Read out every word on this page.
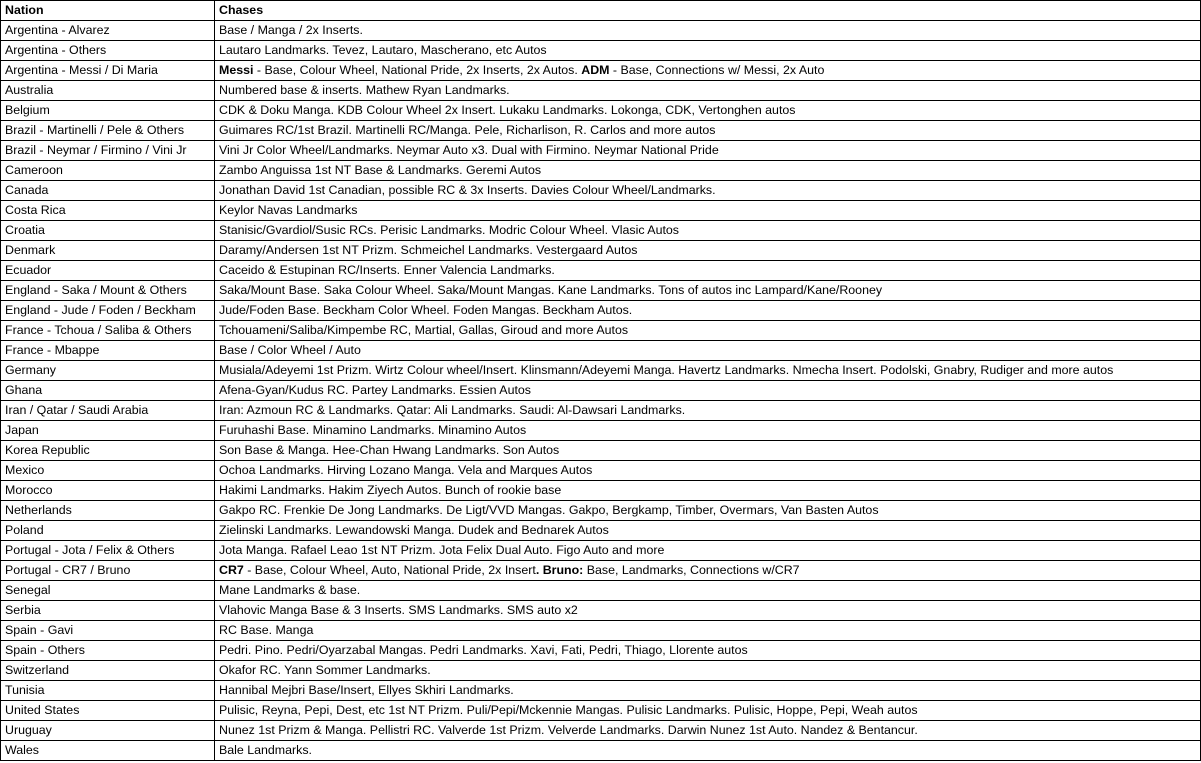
Nation	Chases
Argentina - Alvarez	Base / Manga / 2x Inserts.
Argentina - Others	Lautaro Landmarks. Tevez, Lautaro, Mascherano, etc Autos
Argentina - Messi / Di Maria	Messi - Base, Colour Wheel, National Pride, 2x Inserts, 2x Autos. ADM - Base, Connections w/ Messi, 2x Auto
Australia	Numbered base & inserts. Mathew Ryan Landmarks.
Belgium	CDK & Doku Manga. KDB Colour Wheel 2x Insert. Lukaku Landmarks. Lokonga, CDK, Vertonghen autos
Brazil - Martinelli / Pele & Others	Guimares RC/1st Brazil. Martinelli RC/Manga. Pele, Richarlison, R. Carlos and more autos
Brazil - Neymar / Firmino / Vini Jr	Vini Jr Color Wheel/Landmarks. Neymar Auto x3. Dual with Firmino. Neymar National Pride
Cameroon	Zambo Anguissa 1st NT Base & Landmarks. Geremi Autos
Canada	Jonathan David 1st Canadian, possible RC & 3x Inserts. Davies Colour Wheel/Landmarks.
Costa Rica	Keylor Navas Landmarks
Croatia	Stanisic/Gvardiol/Susic RCs. Perisic Landmarks. Modric Colour Wheel. Vlasic Autos
Denmark	Daramy/Andersen 1st NT Prizm. Schmeichel Landmarks. Vestergaard Autos
Ecuador	Caceido & Estupinan RC/Inserts. Enner Valencia Landmarks.
England - Saka / Mount & Others	Saka/Mount Base. Saka Colour Wheel. Saka/Mount Mangas. Kane Landmarks. Tons of autos inc Lampard/Kane/Rooney
England - Jude / Foden / Beckham	Jude/Foden Base. Beckham Color Wheel. Foden Mangas. Beckham Autos.
France - Tchoua / Saliba & Others	Tchouameni/Saliba/Kimpembe RC, Martial, Gallas, Giroud and more Autos
France - Mbappe	Base / Color Wheel / Auto
Germany	Musiala/Adeyemi 1st Prizm. Wirtz Colour wheel/Insert. Klinsmann/Adeyemi Manga. Havertz Landmarks. Nmecha Insert. Podolski, Gnabry, Rudiger and more autos
Ghana	Afena-Gyan/Kudus RC. Partey Landmarks. Essien Autos
Iran / Qatar / Saudi Arabia	Iran: Azmoun RC & Landmarks. Qatar: Ali Landmarks. Saudi: Al-Dawsari Landmarks.
Japan	Furuhashi Base. Minamino Landmarks. Minamino Autos
Korea Republic	Son Base & Manga. Hee-Chan Hwang Landmarks. Son Autos
Mexico	Ochoa Landmarks. Hirving Lozano Manga. Vela and Marques Autos
Morocco	Hakimi Landmarks. Hakim Ziyech Autos. Bunch of rookie base
Netherlands	Gakpo RC. Frenkie De Jong Landmarks. De Ligt/VVD Mangas. Gakpo, Bergkamp, Timber, Overmars, Van Basten Autos
Poland	Zielinski Landmarks. Lewandowski Manga. Dudek and Bednarek Autos
Portugal - Jota / Felix & Others	Jota Manga. Rafael Leao 1st NT Prizm. Jota Felix Dual Auto. Figo Auto and more
Portugal - CR7 / Bruno	CR7 - Base, Colour Wheel, Auto, National Pride, 2x Insert. Bruno: Base, Landmarks, Connections w/CR7
Senegal	Mane Landmarks & base.
Serbia	Vlahovic Manga Base & 3 Inserts. SMS Landmarks. SMS auto x2
Spain - Gavi	RC Base. Manga
Spain - Others	Pedri. Pino. Pedri/Oyarzabal Mangas. Pedri Landmarks. Xavi, Fati, Pedri, Thiago, Llorente autos
Switzerland	Okafor RC. Yann Sommer Landmarks.
Tunisia	Hannibal Mejbri Base/Insert, Ellyes Skhiri Landmarks.
United States	Pulisic, Reyna, Pepi, Dest, etc 1st NT Prizm. Puli/Pepi/Mckennie Mangas. Pulisic Landmarks. Pulisic, Hoppe, Pepi, Weah autos
Uruguay	Nunez 1st Prizm & Manga. Pellistri RC. Valverde 1st Prizm. Velverde Landmarks. Darwin Nunez 1st Auto. Nandez & Bentancur.
Wales	Bale Landmarks.
